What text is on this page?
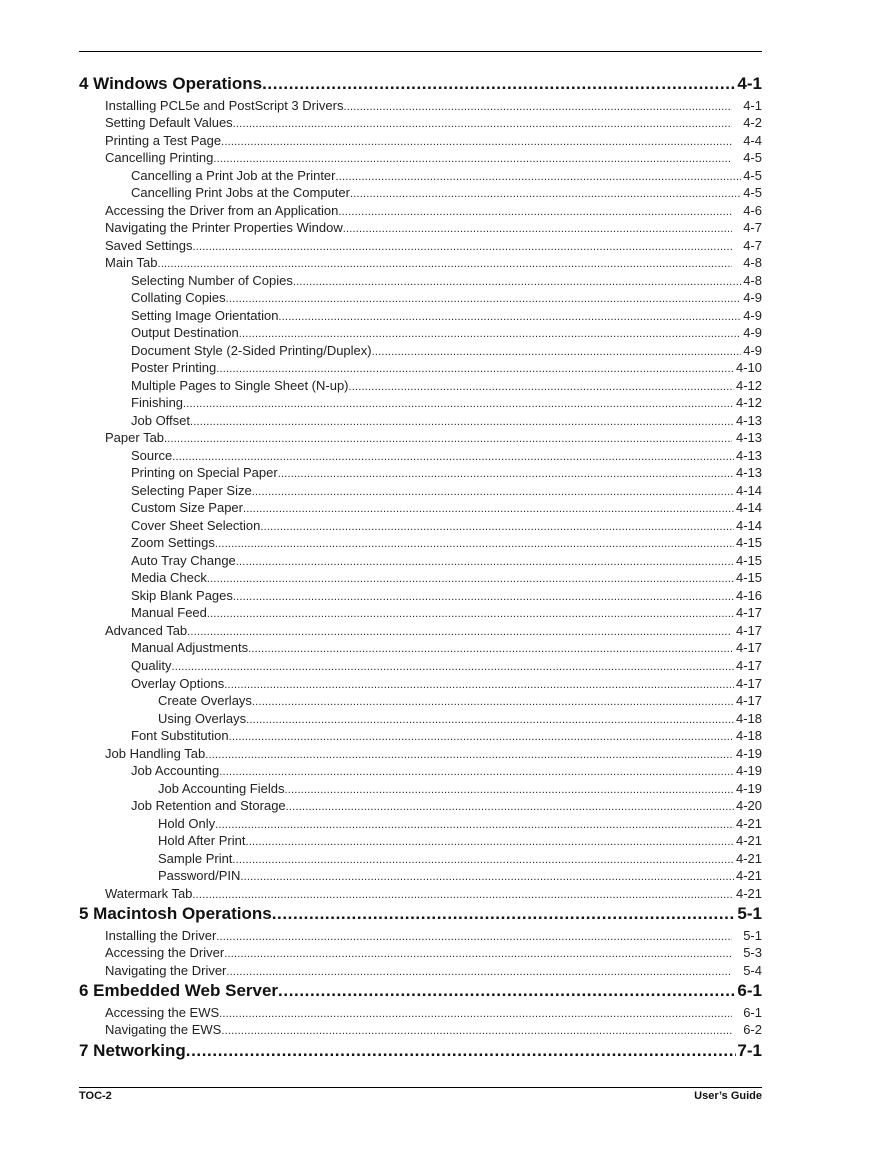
4 Windows Operations .....	4-1
Installing PCL5e and PostScript 3 Drivers .....	4-1
Setting Default Values .....	4-2
Printing a Test Page .....	4-4
Cancelling Printing .....	4-5
Cancelling a Print Job at the Printer .....	4-5
Cancelling Print Jobs at the Computer .....	4-5
Accessing the Driver from an Application .....	4-6
Navigating the Printer Properties Window .....	4-7
Saved Settings .....	4-7
Main Tab .....	4-8
Selecting Number of Copies .....	4-8
Collating Copies .....	4-9
Setting Image Orientation .....	4-9
Output Destination .....	4-9
Document Style (2-Sided Printing/Duplex) .....	4-9
Poster Printing .....	4-10
Multiple Pages to Single Sheet (N-up) .....	4-12
Finishing .....	4-12
Job Offset .....	4-13
Paper Tab .....	4-13
Source .....	4-13
Printing on Special Paper .....	4-13
Selecting Paper Size .....	4-14
Custom Size Paper .....	4-14
Cover Sheet Selection .....	4-14
Zoom Settings .....	4-15
Auto Tray Change .....	4-15
Media Check .....	4-15
Skip Blank Pages .....	4-16
Manual Feed .....	4-17
Advanced Tab .....	4-17
Manual Adjustments .....	4-17
Quality .....	4-17
Overlay Options .....	4-17
Create Overlays .....	4-17
Using Overlays .....	4-18
Font Substitution .....	4-18
Job Handling Tab .....	4-19
Job Accounting .....	4-19
Job Accounting Fields .....	4-19
Job Retention and Storage .....	4-20
Hold Only .....	4-21
Hold After Print .....	4-21
Sample Print .....	4-21
Password/PIN .....	4-21
Watermark Tab .....	4-21
5 Macintosh Operations .....	5-1
Installing the Driver .....	5-1
Accessing the Driver .....	5-3
Navigating the Driver .....	5-4
6 Embedded Web Server .....	6-1
Accessing the EWS .....	6-1
Navigating the EWS .....	6-2
7 Networking .....	7-1
TOC-2	User’s Guide
